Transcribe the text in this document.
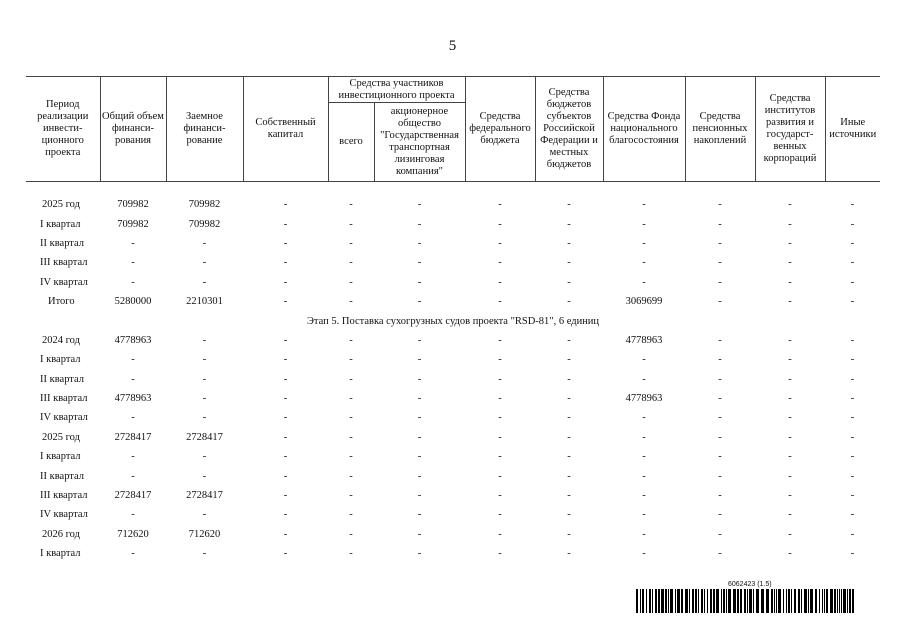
5
Период реализации инвести-ционного проекта	Общий объем финанси-рования	Заемное финанси-рование	Собственный капитал	Средства участников инвестиционного проекта		Средства федерального бюджета	Средства бюджетов субъектов Российской Федерации и местных бюджетов	Средства Фонда национального благосостояния	Средства пенсионных накоплений	Средства институтов развития и государст-венных корпораций	Иные источники
				всего	акционерное общество "Государственная транспортная лизинговая компания"						

2025 год	709982	709982	-	-	-	-	-	-	-	-	-
I квартал	709982	709982	-	-	-	-	-	-	-	-	-
II квартал	-	-	-	-	-	-	-	-	-	-	-
III квартал	-	-	-	-	-	-	-	-	-	-	-
IV квартал	-	-	-	-	-	-	-	-	-	-	-
Итого	5280000	2210301	-	-	-	-	-	3069699	-	-	-
Этап 5. Поставка сухогрузных судов проекта "RSD-81", 6 единиц											
2024 год	4778963	-	-	-	-	-	-	4778963	-	-	-
I квартал	-	-	-	-	-	-	-	-	-	-	-
II квартал	-	-	-	-	-	-	-	-	-	-	-
III квартал	4778963	-	-	-	-	-	-	4778963	-	-	-
IV квартал	-	-	-	-	-	-	-	-	-	-	-
2025 год	2728417	2728417	-	-	-	-	-	-	-	-	-
I квартал	-	-	-	-	-	-	-	-	-	-	-
II квартал	-	-	-	-	-	-	-	-	-	-	-
III квартал	2728417	2728417	-	-	-	-	-	-	-	-	-
IV квартал	-	-	-	-	-	-	-	-	-	-	-
2026 год	712620	712620	-	-	-	-	-	-	-	-	-
I квартал	-	-	-	-	-	-	-	-	-	-	-
6062423 (1.5)
